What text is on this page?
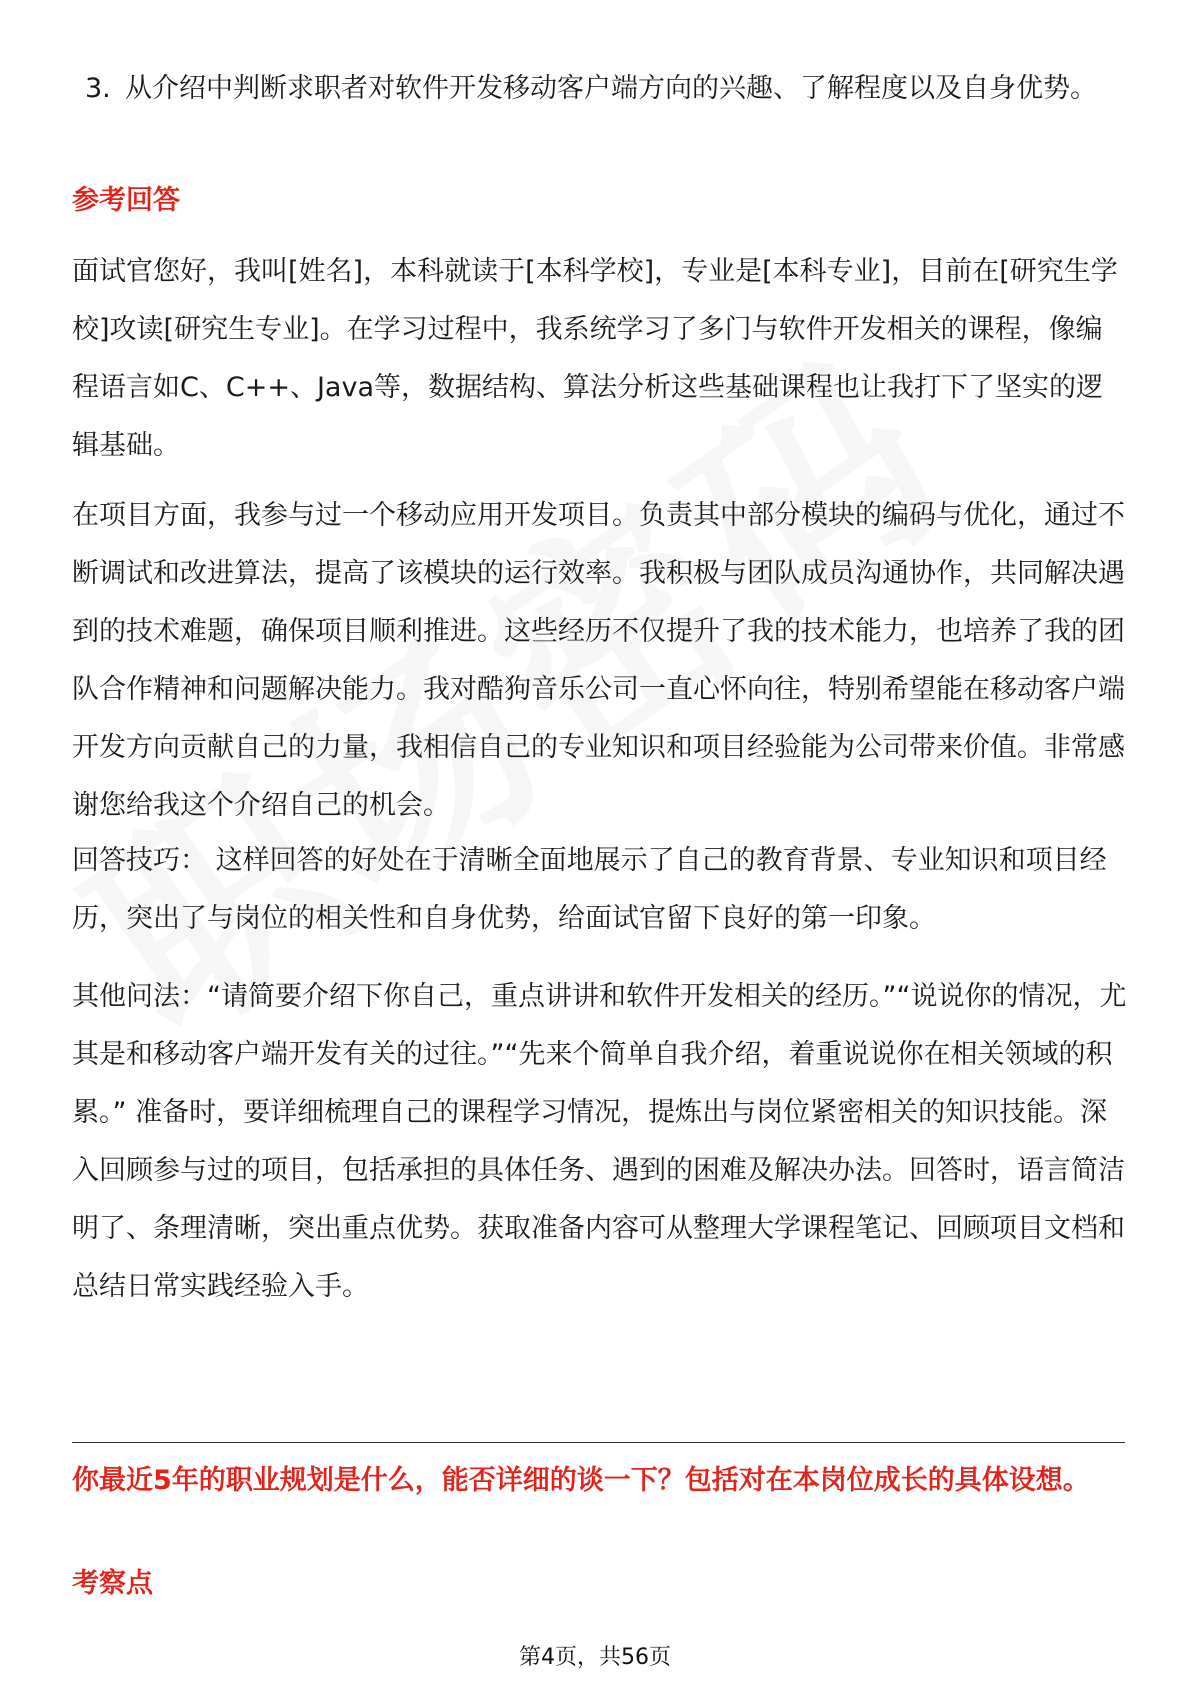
3. 从介绍中判断求职者对软件开发移动客户端方向的兴趣、了解程度以及自身优势。
参考回答
面试官您好，我叫[姓名]，本科就读于[本科学校]，专业是[本科专业]，目前在[研究生学校]攻读[研究生专业]。在学习过程中，我系统学习了多门与软件开发相关的课程，像编程语言如C、C++、Java等，数据结构、算法分析这些基础课程也让我打下了坚实的逻辑基础。
在项目方面，我参与过一个移动应用开发项目。负责其中部分模块的编码与优化，通过不断调试和改进算法，提高了该模块的运行效率。我积极与团队成员沟通协作，共同解决遇到的技术难题，确保项目顺利推进。这些经历不仅提升了我的技术能力，也培养了我的团队合作精神和问题解决能力。我对酷狗音乐公司一直心怀向往，特别希望能在移动客户端开发方向贡献自己的力量，我相信自己的专业知识和项目经验能为公司带来价值。非常感谢您给我这个介绍自己的机会。
回答技巧： 这样回答的好处在于清晰全面地展示了自己的教育背景、专业知识和项目经历，突出了与岗位的相关性和自身优势，给面试官留下良好的第一印象。
其他问法：“请简要介绍下你自己，重点讲讲和软件开发相关的经历。”“说说你的情况，尤其是和移动客户端开发有关的过往。”“先来个简单自我介绍，着重说说你在相关领域的积累。” 准备时，要详细梳理自己的课程学习情况，提炼出与岗位紧密相关的知识技能。深入回顾参与过的项目，包括承担的具体任务、遇到的困难及解决办法。回答时，语言简洁明了、条理清晰，突出重点优势。获取准备内容可从整理大学课程笔记、回顾项目文档和总结日常实践经验入手。
你最近5年的职业规划是什么，能否详细的谈一下？包括对在本岗位成长的具体设想。
考察点
第4页，共56页
